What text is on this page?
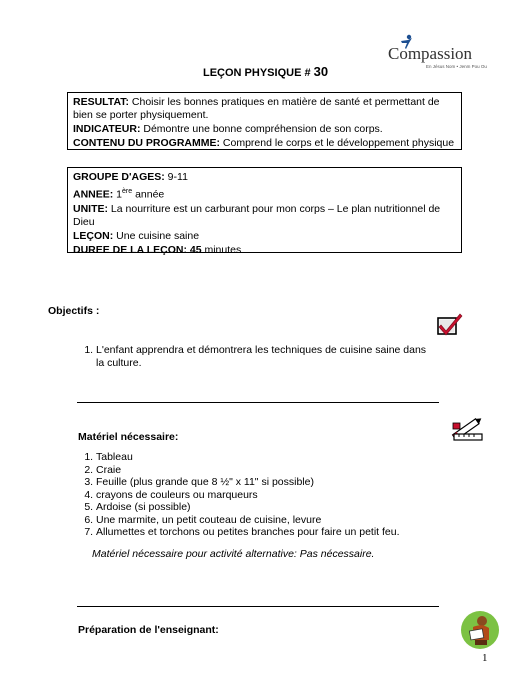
Compassion
En Jésus Nom • Jenm Pou Ou
LEÇON PHYSIQUE # 30
RESULTAT: Choisir les bonnes pratiques en matière de santé et permettant de bien se porter physiquement.
INDICATEUR: Démontre une bonne compréhension de son corps.
CONTENU DU PROGRAMME: Comprend le corps et le développement physique
GROUPE D'AGES: 9-11
ANNEE: 1ère année
UNITE: La nourriture est un carburant pour mon corps – Le plan nutritionnel de Dieu
LEÇON: Une cuisine saine
DUREE DE LA LEÇON: 45 minutes
Objectifs :
1. L'enfant apprendra et démontrera les techniques de cuisine saine dans la culture.
Matériel nécessaire:
1. Tableau
2. Craie
3. Feuille (plus grande que 8 ½" x 11" si possible)
4. crayons de couleurs ou marqueurs
5. Ardoise (si possible)
6. Une marmite, un petit couteau de cuisine, levure
7. Allumettes et torchons ou petites branches pour faire un petit feu.
Matériel nécessaire pour activité alternative: Pas nécessaire.
Préparation de l'enseignant:
1
